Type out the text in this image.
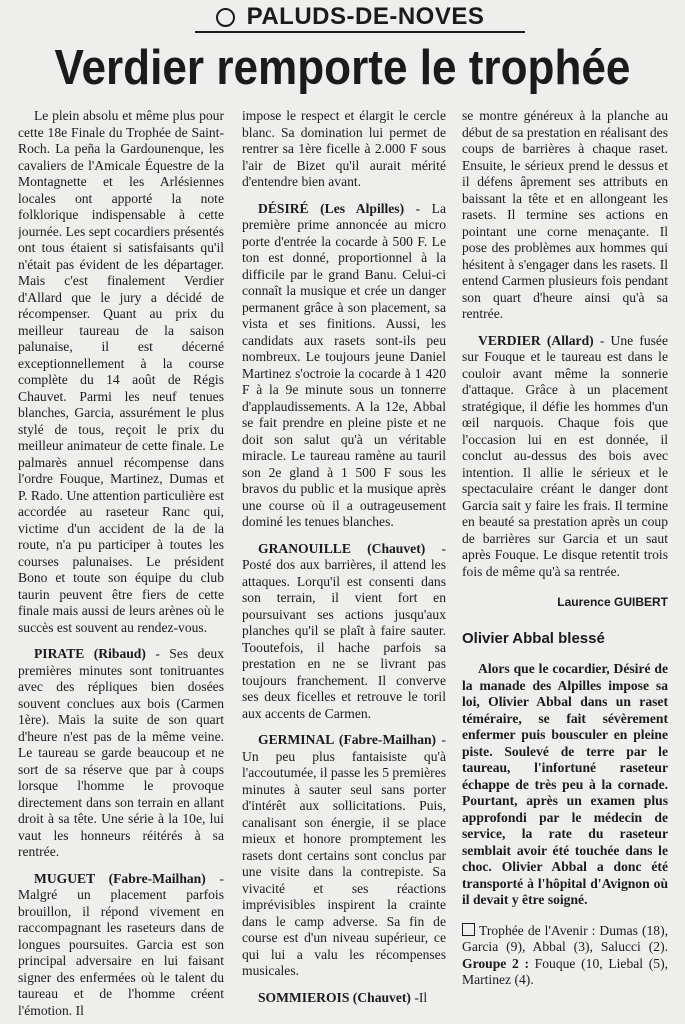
PALUDS-DE-NOVES
Verdier remporte le trophée

Le plein absolu et même plus pour cette 18e Finale du Trophée de Saint-Roch. La peña la Gardounenque, les cavaliers de l'Amicale Équestre de la Montagnette et les Arlésiennes locales ont apporté la note folklorique indispensable à cette journée. Les sept cocardiers présentés ont tous étaient si satisfaisants qu'il n'était pas évident de les départager. Mais c'est finalement Verdier d'Allard que le jury a décidé de récompenser. Quant au prix du meilleur taureau de la saison palunaise, il est décerné exceptionnellement à la course complète du 14 août de Régis Chauvet. Parmi les neuf tenues blanches, Garcia, assurément le plus stylé de tous, reçoit le prix du meilleur animateur de cette finale. Le palmarès annuel récompense dans l'ordre Fouque, Martinez, Dumas et P. Rado. Une attention particulière est accordée au raseteur Ranc qui, victime d'un accident de la de la route, n'a pu participer à toutes les courses palunaises. Le président Bono et toute son équipe du club taurin peuvent être fiers de cette finale mais aussi de leurs arènes où le succès est souvent au rendez-vous.

PIRATE (Ribaud) - Ses deux premières minutes sont tonitruantes avec des répliques bien dosées souvent conclues aux bois (Carmen 1ère). Mais la suite de son quart d'heure n'est pas de la même veine. Le taureau se garde beaucoup et ne sort de sa réserve que par à coups lorsque l'homme le provoque directement dans son terrain en allant droit à sa tête. Une série à la 10e, lui vaut les honneurs réitérés à sa rentrée.

MUGUET (Fabre-Mailhan) - Malgré un placement parfois brouillon, il répond vivement en raccompagnant les raseteurs dans de longues poursuites. Garcia est son principal adversaire en lui faisant signer des enfermées où le talent du taureau et de l'homme créent l'émotion. Il

impose le respect et élargit le cercle blanc. Sa domination lui permet de rentrer sa 1ère ficelle à 2.000 F sous l'air de Bizet qu'il aurait mérité d'entendre bien avant.

DÉSIRÉ (Les Alpilles) - La première prime annoncée au micro porte d'entrée la cocarde à 500 F. Le ton est donné, proportionnel à la difficile par le grand Banu. Celui-ci connaît la musique et crée un danger permanent grâce à son placement, sa vista et ses finitions. Aussi, les candidats aux rasets sont-ils peu nombreux. Le toujours jeune Daniel Martinez s'octroie la cocarde à 1 420 F à la 9e minute sous un tonnerre d'applaudissements. A la 12e, Abbal se fait prendre en pleine piste et ne doit son salut qu'à un véritable miracle. Le taureau ramène au tauril son 2e gland à 1 500 F sous les bravos du public et la musique après une course où il a outrageusement dominé les tenues blanches.

GRANOUILLE (Chauvet) - Posté dos aux barrières, il attend les attaques. Lorqu'il est consenti dans son terrain, il vient fort en poursuivant ses actions jusqu'aux planches qu'il se plaît à faire sauter. Tooutefois, il hache parfois sa prestation en ne se livrant pas toujours franchement. Il converve ses deux ficelles et retrouve le toril aux accents de Carmen.

GERMINAL (Fabre-Mailhan) - Un peu plus fantaisiste qu'à l'accoutumée, il passe les 5 premières minutes à sauter seul sans porter d'intérêt aux sollicitations. Puis, canalisant son énergie, il se place mieux et honore promptement les rasets dont certains sont conclus par une visite dans la contrepiste. Sa vivacité et ses réactions imprévisibles inspirent la crainte dans le camp adverse. Sa fin de course est d'un niveau supérieur, ce qui lui a valu les récompenses musicales.

SOMMIEROIS (Chauvet) -Il

se montre généreux à la planche au début de sa prestation en réalisant des coups de barrières à chaque raset. Ensuite, le sérieux prend le dessus et il défens âprement ses attributs en baissant la tête et en allongeant les rasets. Il termine ses actions en pointant une corne menaçante. Il pose des problèmes aux hommes qui hésitent à s'engager dans les rasets. Il entend Carmen plusieurs fois pendant son quart d'heure ainsi qu'à sa rentrée.

VERDIER (Allard) - Une fusée sur Fouque et le taureau est dans le couloir avant même la sonnerie d'attaque. Grâce à un placement stratégique, il défie les hommes d'un œil narquois. Chaque fois que l'occasion lui en est donnée, il conclut au-dessus des bois avec intention. Il allie le sérieux et le spectaculaire créant le danger dont Garcia sait y faire les frais. Il termine en beauté sa prestation après un coup de barrières sur Garcia et un saut après Fouque. Le disque retentit trois fois de même qu'à sa rentrée.

Laurence GUIBERT
Olivier Abbal blessé

Alors que le cocardier, Désiré de la manade des Alpilles impose sa loi, Olivier Abbal dans un raset téméraire, se fait sévèrement enfermer puis bousculer en pleine piste. Soulevé de terre par le taureau, l'infortuné raseteur échappe de très peu à la cornade. Pourtant, après un examen plus approfondi par le médecin de service, la rate du raseteur semblait avoir été touchée dans le choc. Olivier Abbal a donc été transporté à l'hôpital d'Avignon où il devait y être soigné.

Trophée de l'Avenir : Dumas (18), Garcia (9), Abbal (3), Salucci (2). Groupe 2 : Fouque (10, Liebal (5), Martinez (4).
